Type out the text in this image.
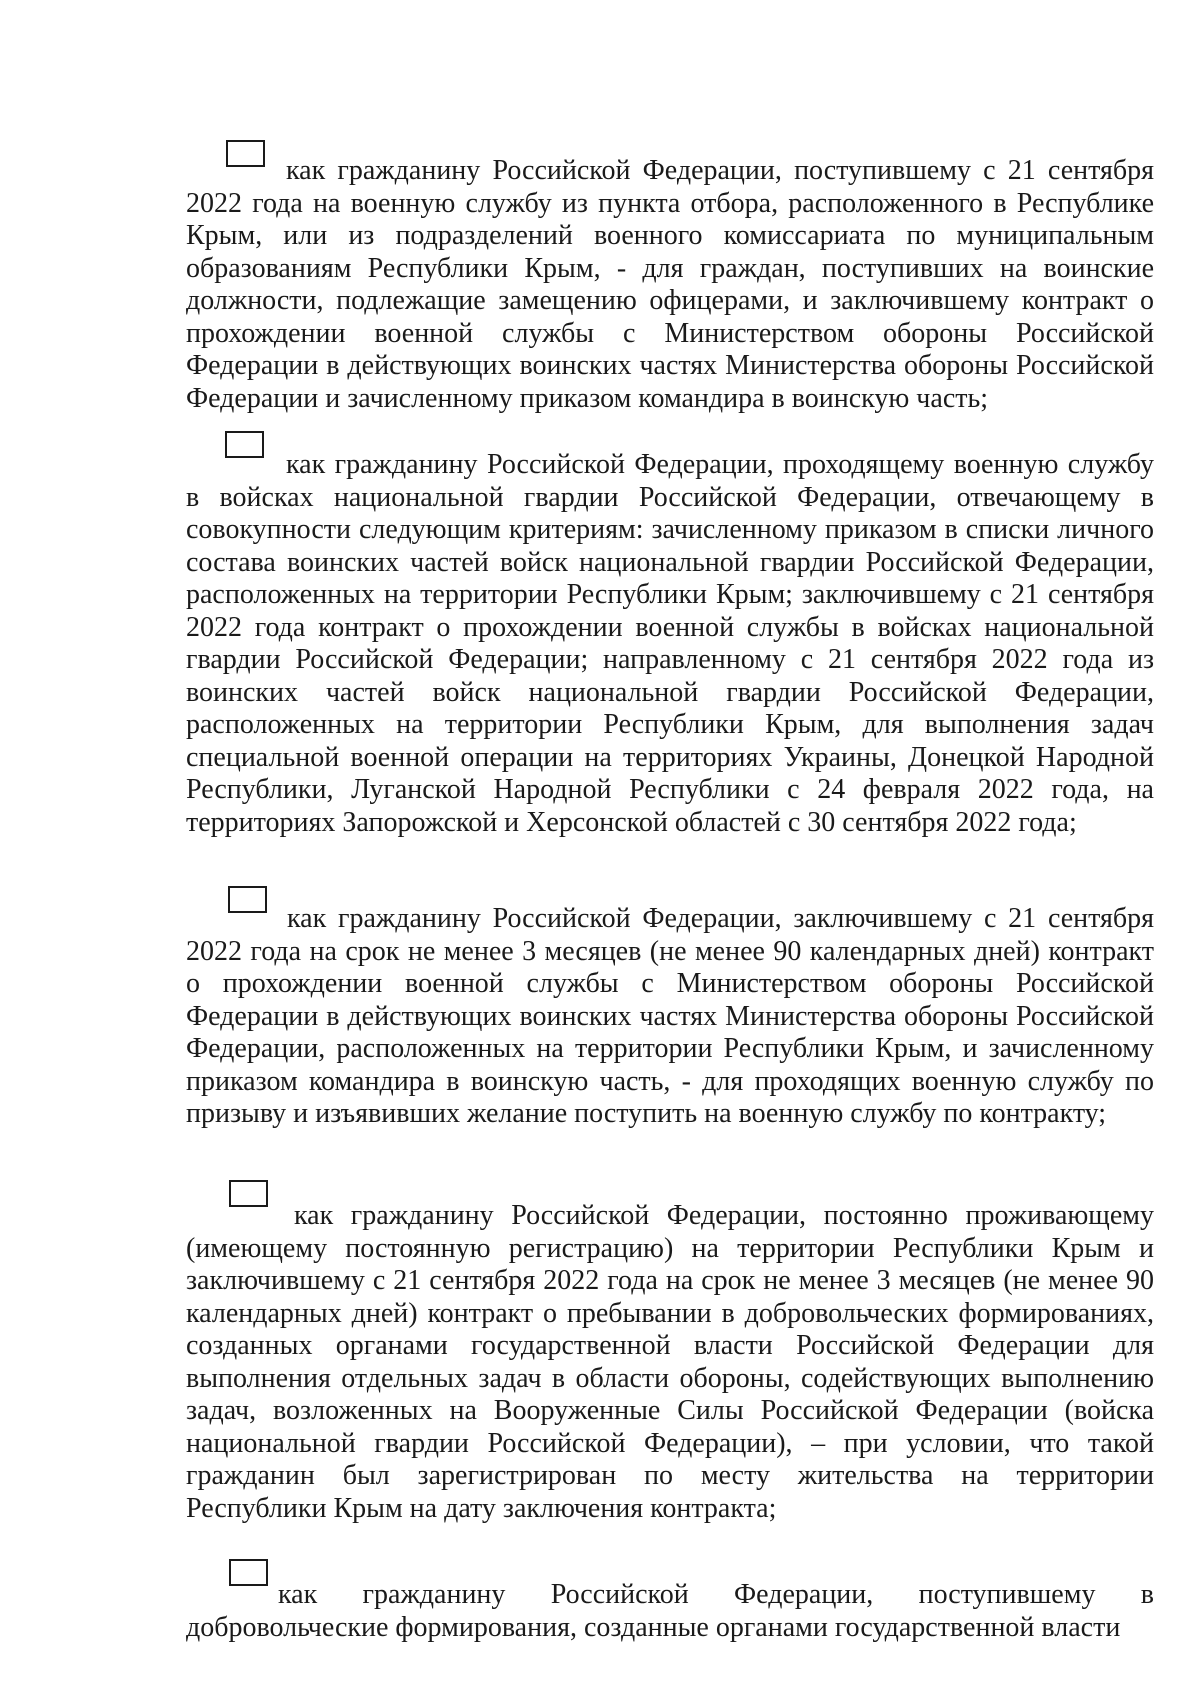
как гражданину Российской Федерации, поступившему с 21 сентября 2022 года на военную службу из пункта отбора, расположенного в Республике Крым, или из подразделений военного комиссариата по муниципальным образованиям Республики Крым, - для граждан, поступивших на воинские должности, подлежащие замещению офицерами, и заключившему контракт о прохождении военной службы с Министерством обороны Российской Федерации в действующих воинских частях Министерства обороны Российской Федерации и зачисленному приказом командира в воинскую часть;
как гражданину Российской Федерации, проходящему военную службу в войсках национальной гвардии Российской Федерации, отвечающему в совокупности следующим критериям: зачисленному приказом в списки личного состава воинских частей войск национальной гвардии Российской Федерации, расположенных на территории Республики Крым; заключившему с 21 сентября 2022 года контракт о прохождении военной службы в войсках национальной гвардии Российской Федерации; направленному с 21 сентября 2022 года из воинских частей войск национальной гвардии Российской Федерации, расположенных на территории Республики Крым, для выполнения задач специальной военной операции на территориях Украины, Донецкой Народной Республики, Луганской Народной Республики с 24 февраля 2022 года, на территориях Запорожской и Херсонской областей с 30 сентября 2022 года;
как гражданину Российской Федерации, заключившему с 21 сентября 2022 года на срок не менее 3 месяцев (не менее 90 календарных дней) контракт о прохождении военной службы с Министерством обороны Российской Федерации в действующих воинских частях Министерства обороны Российской Федерации, расположенных на территории Республики Крым, и зачисленному приказом командира в воинскую часть, - для проходящих военную службу по призыву и изъявивших желание поступить на военную службу по контракту;
как гражданину Российской Федерации, постоянно проживающему (имеющему постоянную регистрацию) на территории Республики Крым и заключившему с 21 сентября 2022 года на срок не менее 3 месяцев (не менее 90 календарных дней) контракт о пребывании в добровольческих формированиях, созданных органами государственной власти Российской Федерации для выполнения отдельных задач в области обороны, содействующих выполнению задач, возложенных на Вооруженные Силы Российской Федерации (войска национальной гвардии Российской Федерации), – при условии, что такой гражданин был зарегистрирован по месту жительства на территории Республики Крым на дату заключения контракта;
как гражданину Российской Федерации, поступившему в добровольческие формирования, созданные органами государственной власти
